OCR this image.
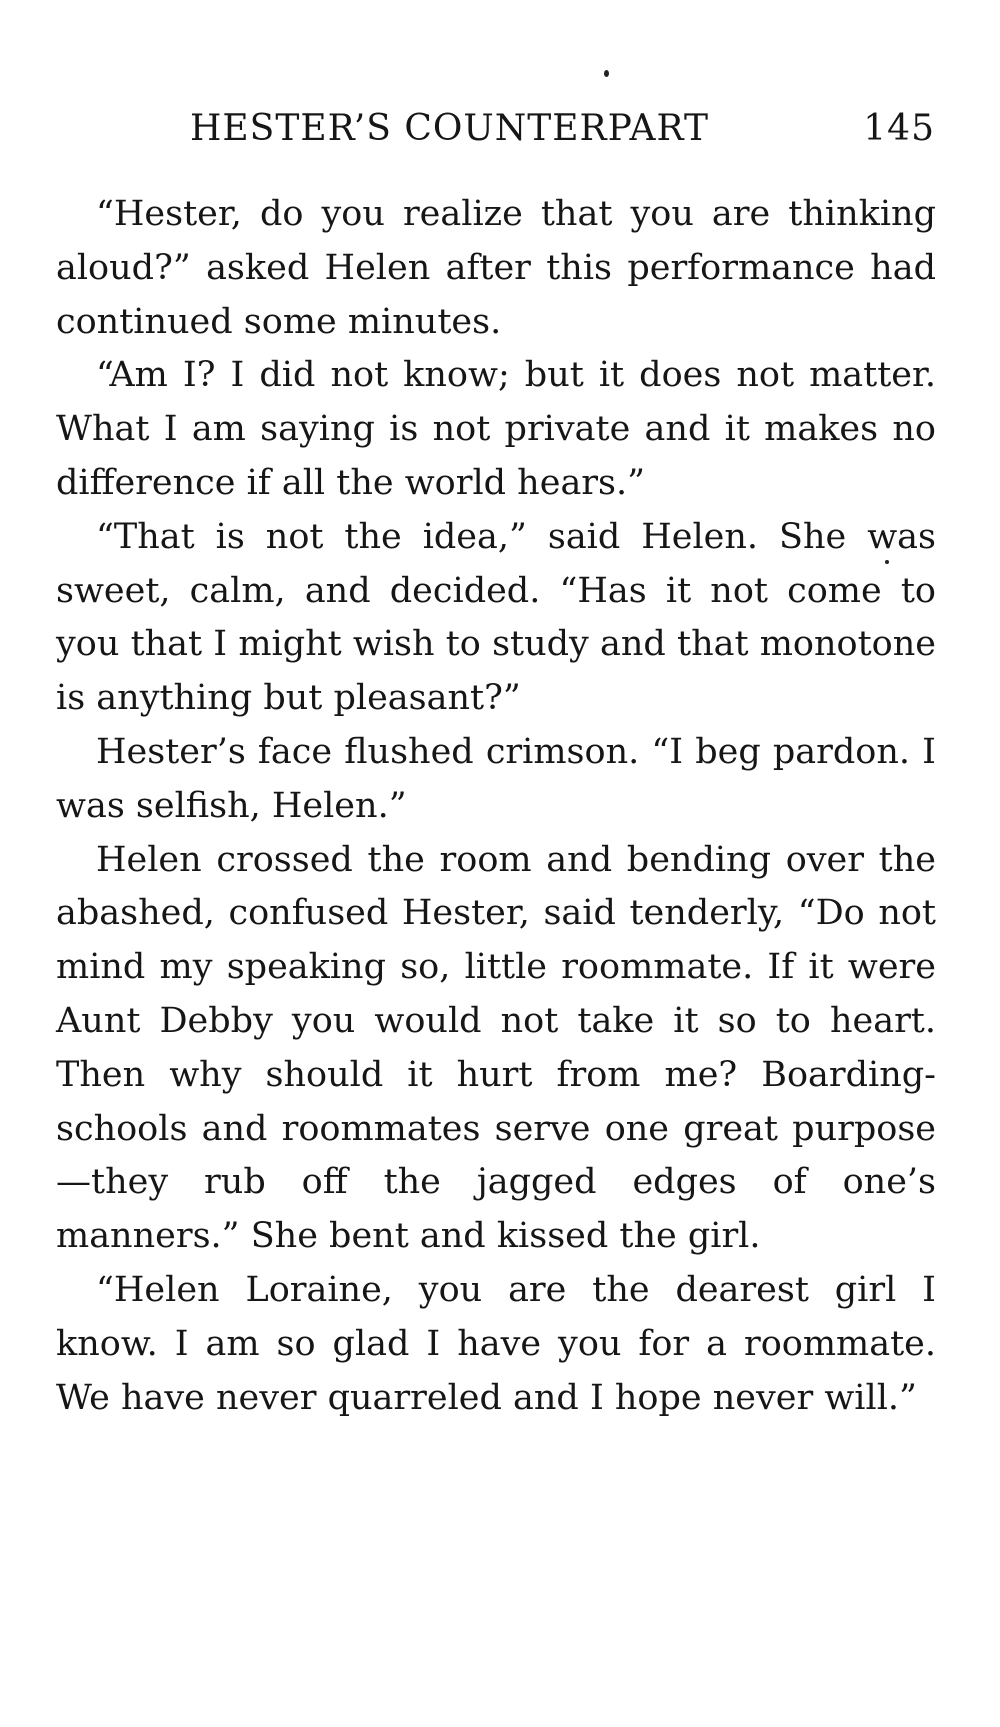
HESTER’S COUNTERPART	145

“Hester, do you realize that you are thinking aloud?” asked Helen after this performance had continued some minutes.

“Am I? I did not know; but it does not matter. What I am saying is not private and it makes no difference if all the world hears.”

“That is not the idea,” said Helen. She was sweet, calm, and decided. “Has it not come to you that I might wish to study and that monotone is anything but pleasant?”

Hester’s face flushed crimson. “I beg pardon. I was selfish, Helen.”

Helen crossed the room and bending over the abashed, confused Hester, said tenderly, “Do not mind my speaking so, little roommate. If it were Aunt Debby you would not take it so to heart. Then why should it hurt from me? Boarding-schools and roommates serve one great purpose—they rub off the jagged edges of one’s manners.” She bent and kissed the girl.

“Helen Loraine, you are the dearest girl I know. I am so glad I have you for a roommate. We have never quarreled and I hope never will.”
